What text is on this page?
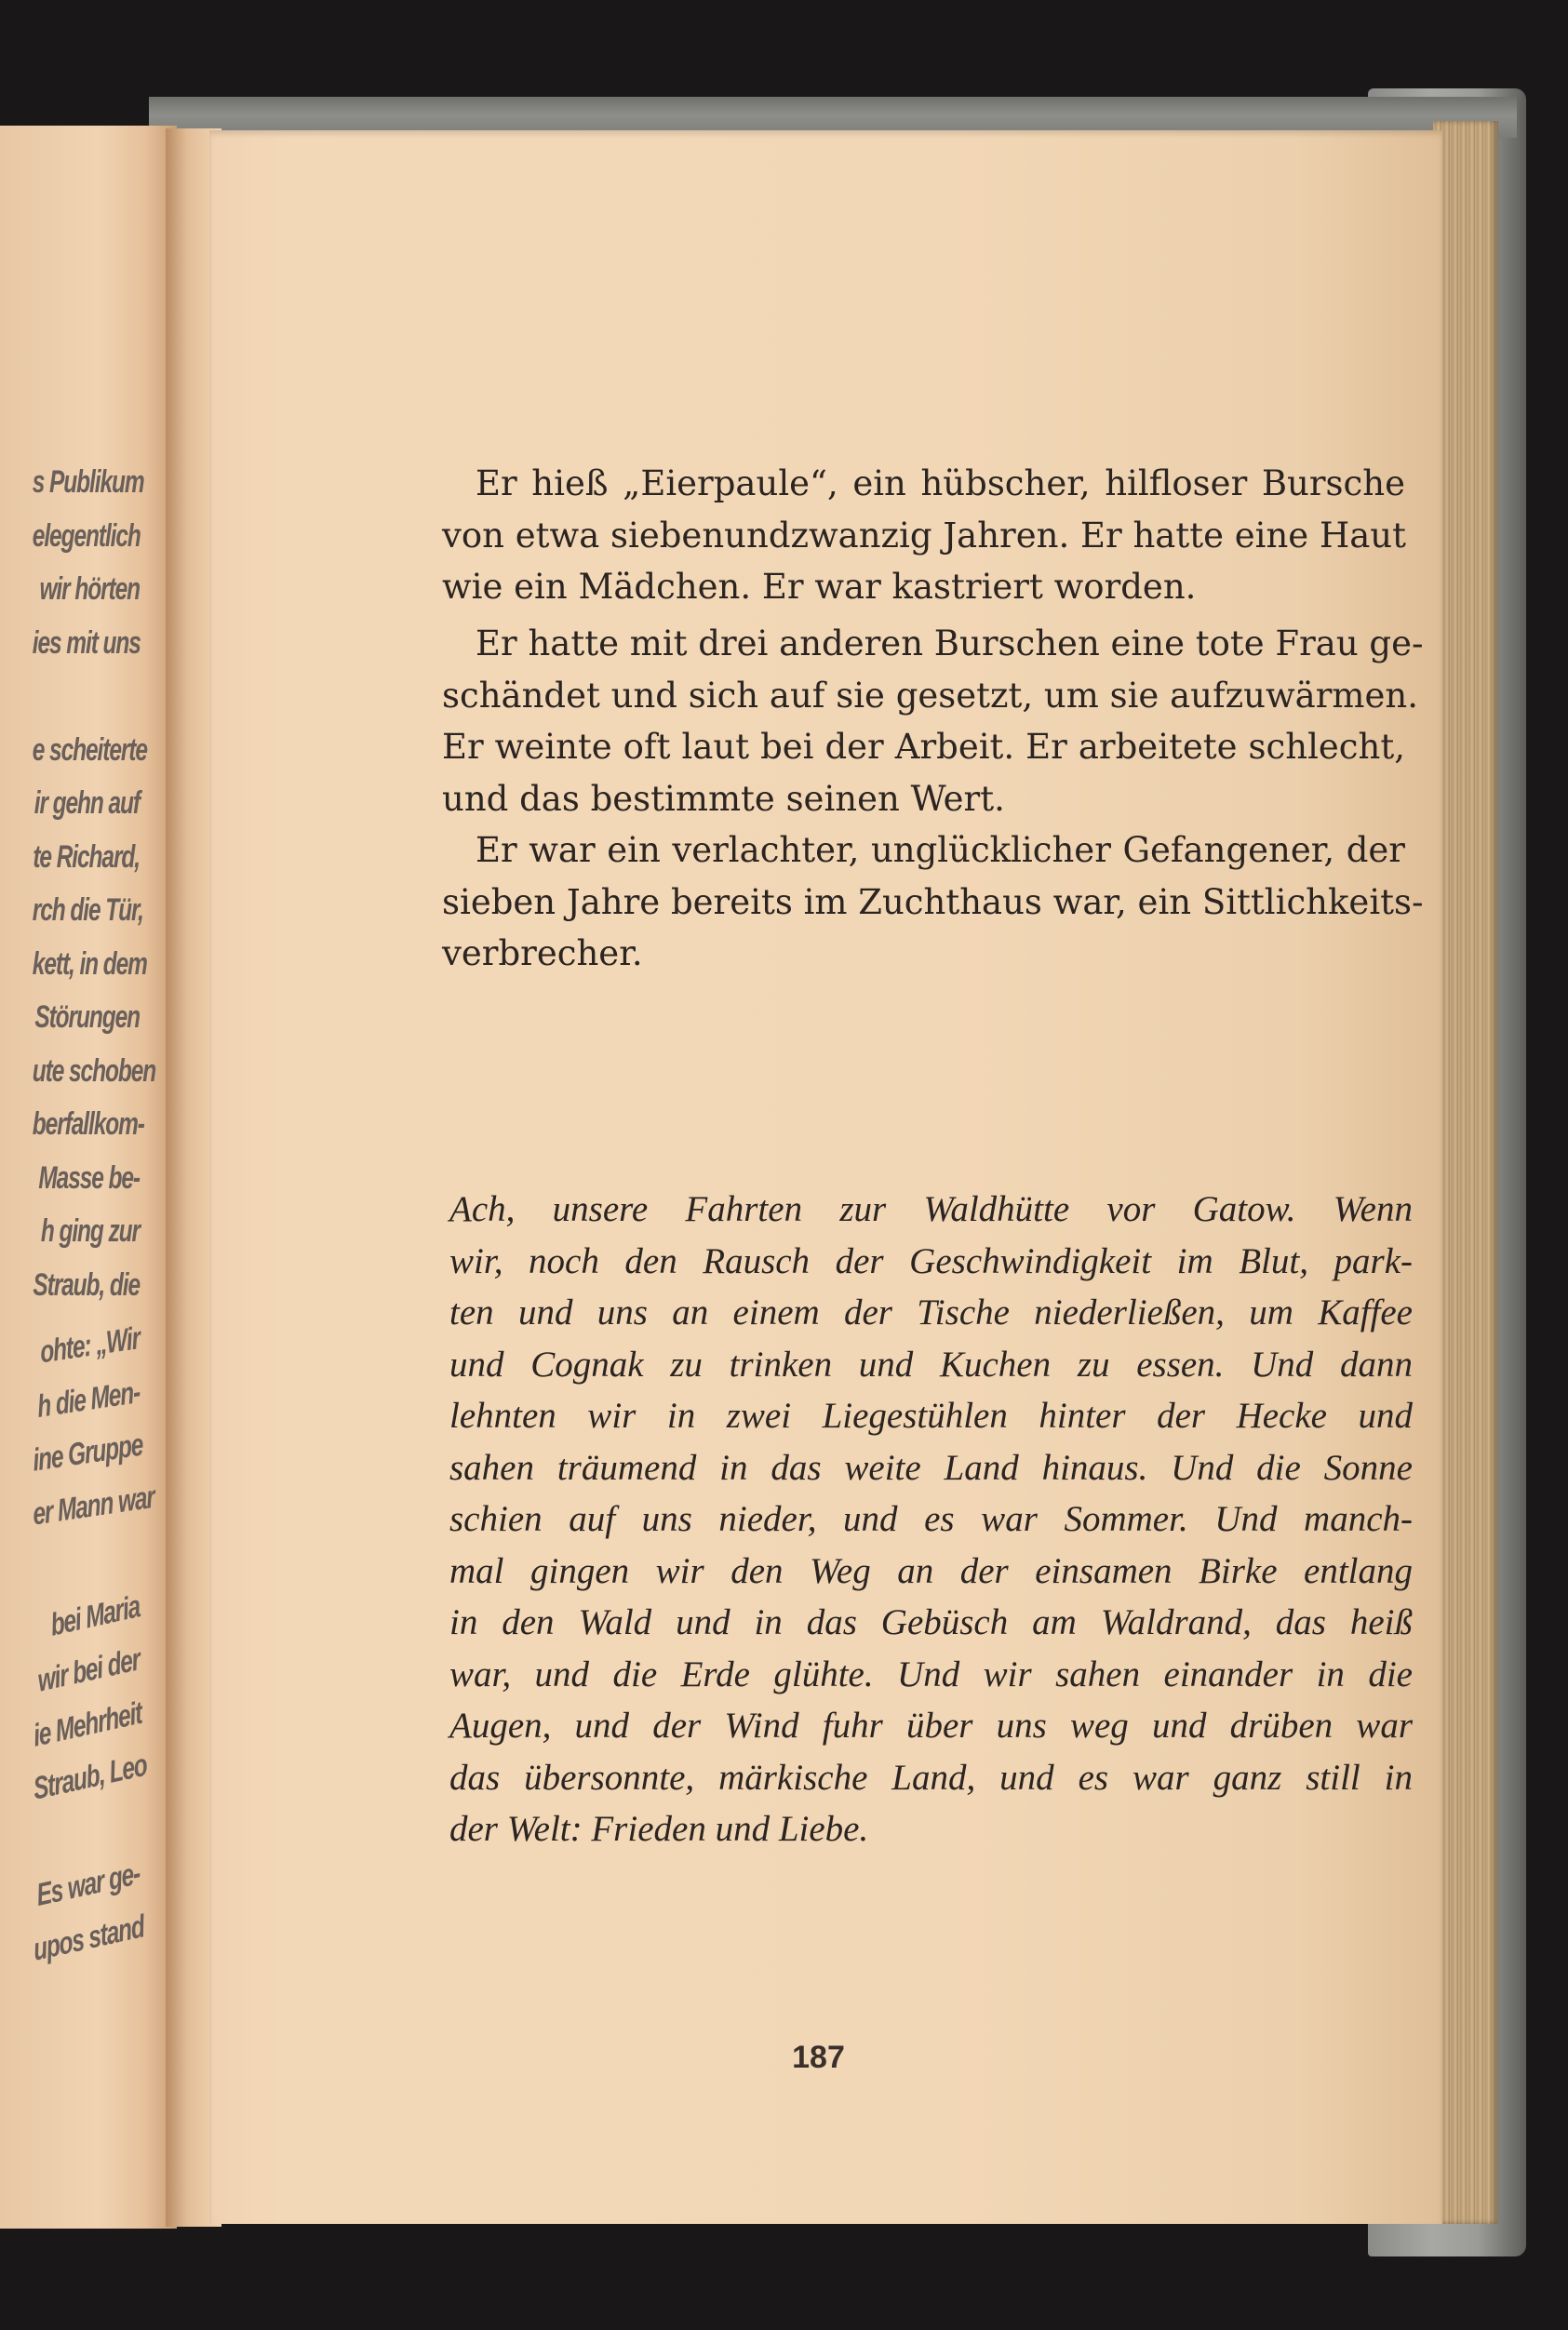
s Publikum
elegentlich
wir hörten
ies mit uns
e scheiterte
ir gehn auf
te Richard,
rch die Tür,
kett, in dem
Störungen
ute schoben
berfallkom-
Masse be-
h ging zur
Straub, die
ohte: „Wir
h die Men-
ine Gruppe
er Mann war
bei Maria
wir bei der
ie Mehrheit
Straub, Leo
Es war ge-
upos stand
Er hieß „Eierpaule“, ein hübscher, hilfloser Bursche
von etwa siebenundzwanzig Jahren. Er hatte eine Haut
wie ein Mädchen. Er war kastriert worden.
Er hatte mit drei anderen Burschen eine tote Frau ge-
schändet und sich auf sie gesetzt, um sie aufzuwärmen.
Er weinte oft laut bei der Arbeit. Er arbeitete schlecht,
und das bestimmte seinen Wert.
Er war ein verlachter, unglücklicher Gefangener, der
sieben Jahre bereits im Zuchthaus war, ein Sittlichkeits-
verbrecher.
Ach, unsere Fahrten zur Waldhütte vor Gatow. Wenn
wir, noch den Rausch der Geschwindigkeit im Blut, park-
ten und uns an einem der Tische niederließen, um Kaffee
und Cognak zu trinken und Kuchen zu essen. Und dann
lehnten wir in zwei Liegestühlen hinter der Hecke und
sahen träumend in das weite Land hinaus. Und die Sonne
schien auf uns nieder, und es war Sommer. Und manch-
mal gingen wir den Weg an der einsamen Birke entlang
in den Wald und in das Gebüsch am Waldrand, das heiß
war, und die Erde glühte. Und wir sahen einander in die
Augen, und der Wind fuhr über uns weg und drüben war
das übersonnte, märkische Land, und es war ganz still in
der Welt: Frieden und Liebe.
187
